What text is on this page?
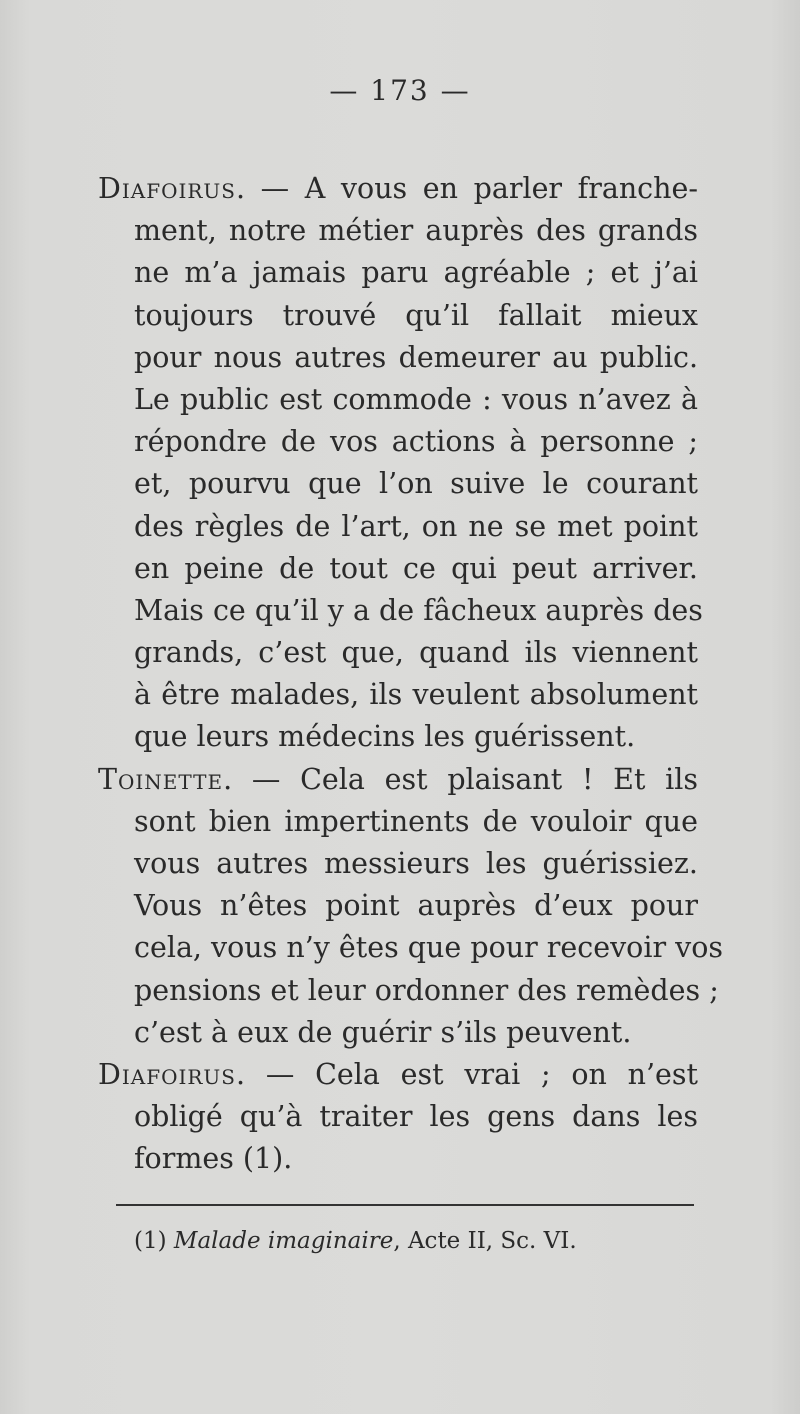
— 173 —
Diafoirus. — A vous en parler franche-
ment, notre métier auprès des grands
ne m’a jamais paru agréable ; et j’ai
toujours trouvé qu’il fallait mieux
pour nous autres demeurer au public.
Le public est commode : vous n’avez à
répondre de vos actions à personne ;
et, pourvu que l’on suive le courant
des règles de l’art, on ne se met point
en peine de tout ce qui peut arriver.
Mais ce qu’il y a de fâcheux auprès des
grands, c’est que, quand ils viennent
à être malades, ils veulent absolument
que leurs médecins les guérissent.
Toinette. — Cela est plaisant ! Et ils
sont bien impertinents de vouloir que
vous autres messieurs les guérissiez.
Vous n’êtes point auprès d’eux pour
cela, vous n’y êtes que pour recevoir vos
pensions et leur ordonner des remèdes ;
c’est à eux de guérir s’ils peuvent.
Diafoirus. — Cela est vrai ; on n’est
obligé qu’à traiter les gens dans les
formes (1).
(1) Malade imaginaire, Acte II, Sc. VI.
